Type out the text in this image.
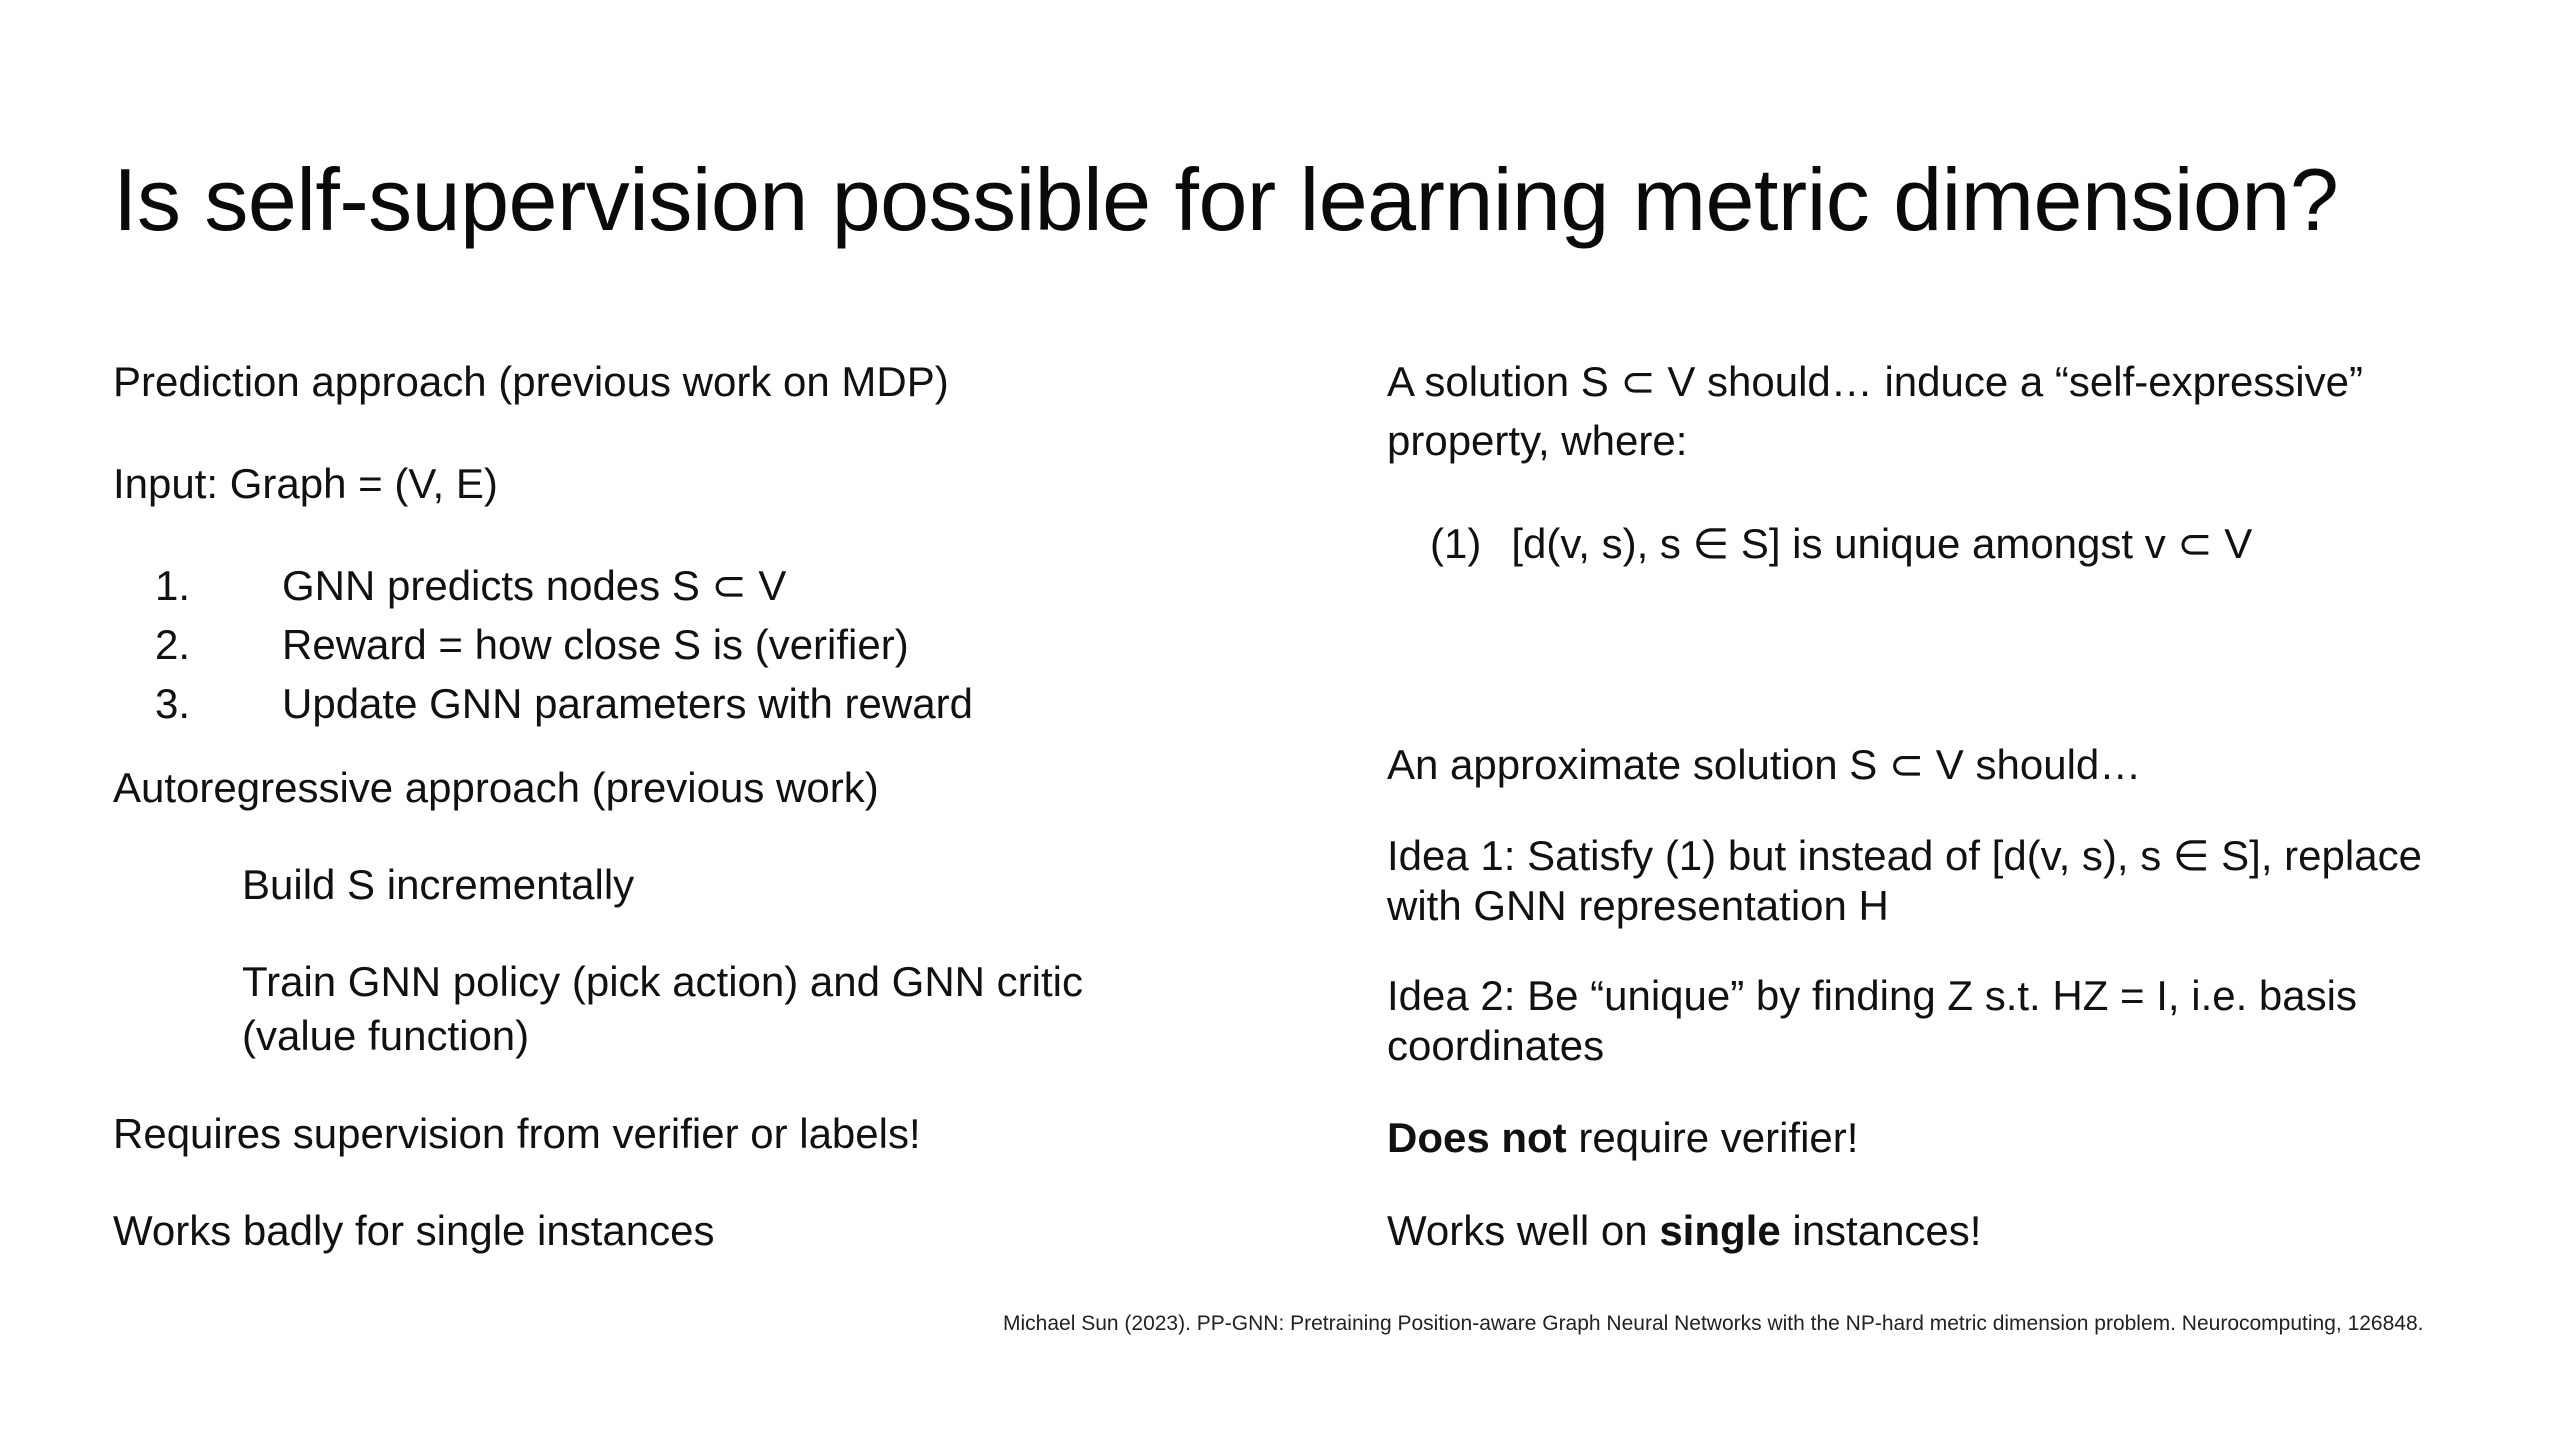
Is self-supervision possible for learning metric dimension?
Prediction approach (previous work on MDP)
Input: Graph = (V, E)
1. GNN predicts nodes S ⊂ V
2. Reward = how close S is (verifier)
3. Update GNN parameters with reward
Autoregressive approach (previous work)
Build S incrementally
Train GNN policy (pick action) and GNN critic
(value function)
Requires supervision from verifier or labels!
Works badly for single instances
A solution S ⊂ V should… induce a “self-expressive”
property, where:
(1) [d(v, s), s ∈ S] is unique amongst v ⊂ V
An approximate solution S ⊂ V should…
Idea 1: Satisfy (1) but instead of [d(v, s), s ∈ S], replace
with GNN representation H
Idea 2: Be “unique” by finding Z s.t. HZ = I, i.e. basis
coordinates
Does not require verifier!
Works well on single instances!
Michael Sun (2023). PP-GNN: Pretraining Position-aware Graph Neural Networks with the NP-hard metric dimension problem. Neurocomputing, 126848.
